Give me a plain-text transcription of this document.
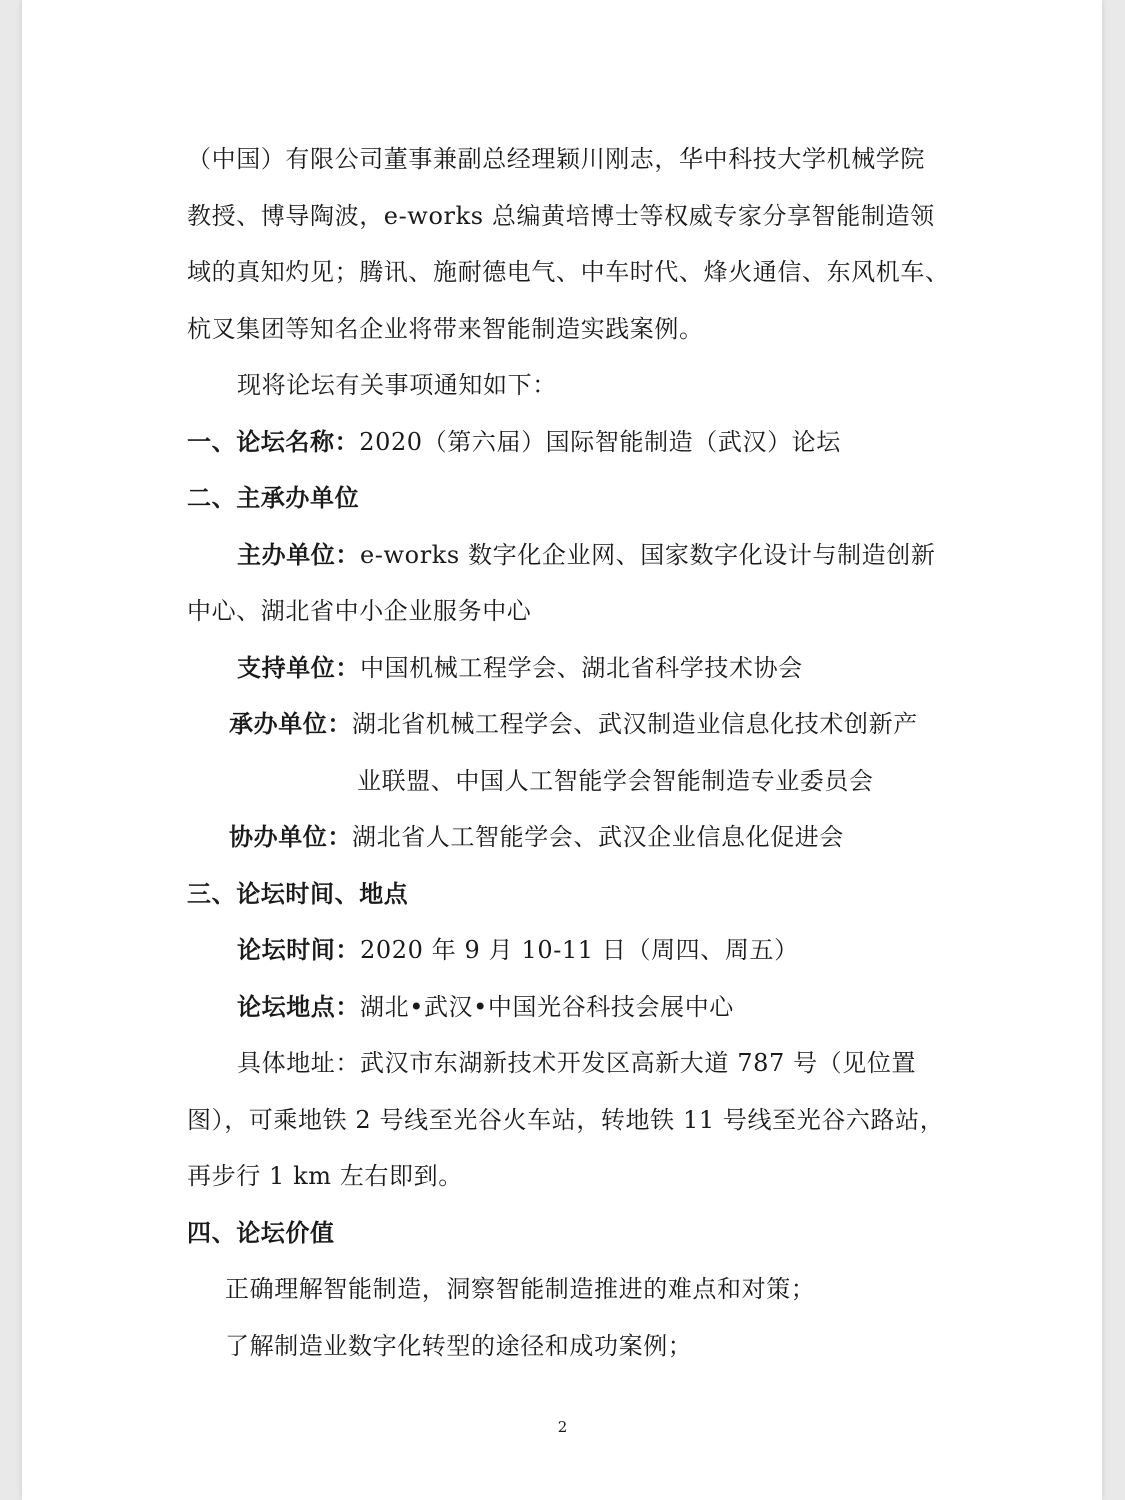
（中国）有限公司董事兼副总经理颖川刚志，华中科技大学机械学院
教授、博导陶波，e-works 总编黄培博士等权威专家分享智能制造领
域的真知灼见；腾讯、施耐德电气、中车时代、烽火通信、东风机车、
杭叉集团等知名企业将带来智能制造实践案例。
现将论坛有关事项通知如下：
一、论坛名称：2020（第六届）国际智能制造（武汉）论坛
二、主承办单位
主办单位：e-works 数字化企业网、国家数字化设计与制造创新
中心、湖北省中小企业服务中心
支持单位：中国机械工程学会、湖北省科学技术协会
承办单位：湖北省机械工程学会、武汉制造业信息化技术创新产
业联盟、中国人工智能学会智能制造专业委员会
协办单位：湖北省人工智能学会、武汉企业信息化促进会
三、论坛时间、地点
论坛时间：2020 年 9 月 10-11 日（周四、周五）
论坛地点：湖北•武汉•中国光谷科技会展中心
具体地址：武汉市东湖新技术开发区高新大道 787 号（见位置
图），可乘地铁 2 号线至光谷火车站，转地铁 11 号线至光谷六路站，
再步行 1 km 左右即到。
四、论坛价值
正确理解智能制造，洞察智能制造推进的难点和对策；
了解制造业数字化转型的途径和成功案例；
2
